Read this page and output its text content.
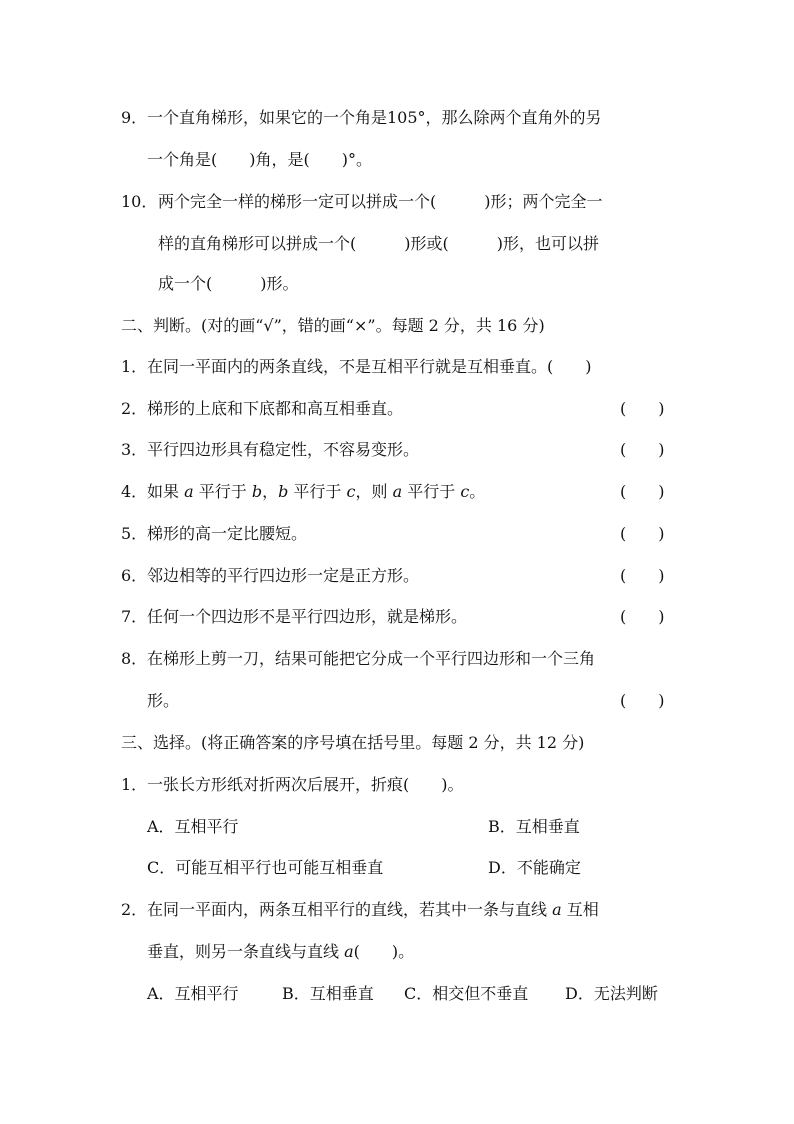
9． 一个直角梯形，如果它的一个角是105°，那么除两个直角外的另
一个角是(　　)角，是(　　)°。
10． 两个完全一样的梯形一定可以拼成一个(　　　)形；两个完全一
样的直角梯形可以拼成一个(　　　)形或(　　　)形，也可以拼
成一个(　　　)形。
二、判断。(对的画“√”，错的画“×”。每题 2 分，共 16 分)
1． 在同一平面内的两条直线，不是互相平行就是互相垂直。(　　)
2． 梯形的上底和下底都和高互相垂直。	(　　)
3． 平行四边形具有稳定性，不容易变形。	(　　)
4． 如果 a 平行于 b，b 平行于 c，则 a 平行于 c。	(　　)
5． 梯形的高一定比腰短。	(　　)
6． 邻边相等的平行四边形一定是正方形。	(　　)
7． 任何一个四边形不是平行四边形，就是梯形。	(　　)
8． 在梯形上剪一刀，结果可能把它分成一个平行四边形和一个三角
形。	(　　)
三、选择。(将正确答案的序号填在括号里。每题 2 分，共 12 分)
1． 一张长方形纸对折两次后展开，折痕(　　)。
A．互相平行	B．互相垂直
C．可能互相平行也可能互相垂直	D．不能确定
2． 在同一平面内，两条互相平行的直线，若其中一条与直线 a 互相
垂直，则另一条直线与直线 a(　　)。
A．互相平行	B．互相垂直 C．相交但不垂直 D．无法判断
